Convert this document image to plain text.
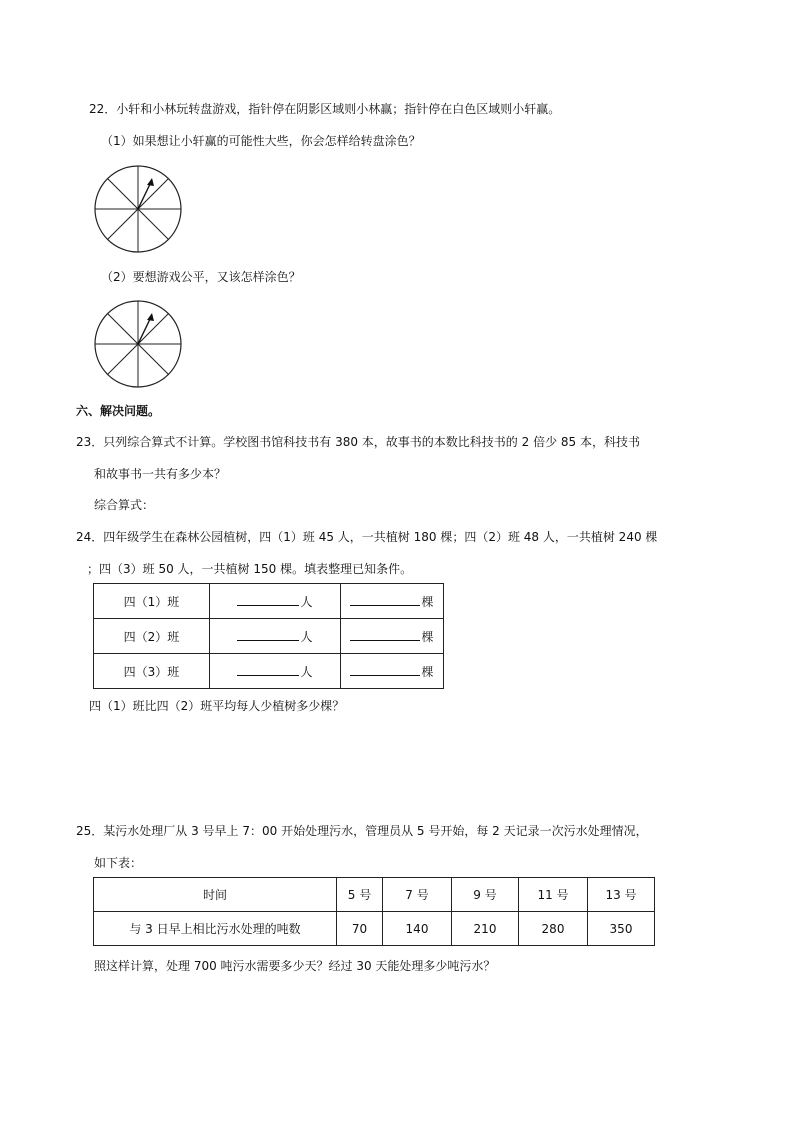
22．小轩和小林玩转盘游戏，指针停在阴影区域则小林赢；指针停在白色区域则小轩赢。
（1）如果想让小轩赢的可能性大些，你会怎样给转盘涂色？
（2）要想游戏公平，又该怎样涂色？
六、解决问题。
23．只列综合算式不计算。学校图书馆科技书有 380 本，故事书的本数比科技书的 2 倍少 85 本，科技书
和故事书一共有多少本？
综合算式：
24．四年级学生在森林公园植树，四（1）班 45 人，一共植树 180 棵；四（2）班 48 人，一共植树 240 棵
；四（3）班 50 人，一共植树 150 棵。填表整理已知条件。
四（1）班	人	棵
四（2）班	人	棵
四（3）班	人	棵
四（1）班比四（2）班平均每人少植树多少棵？
25．某污水处理厂从 3 号早上 7：00 开始处理污水，管理员从 5 号开始，每 2 天记录一次污水处理情况，
如下表：
时间	5 号	7 号	9 号	11 号	13 号
与 3 日早上相比污水处理的吨数	70	140	210	280	350
照这样计算，处理 700 吨污水需要多少天？经过 30 天能处理多少吨污水？
